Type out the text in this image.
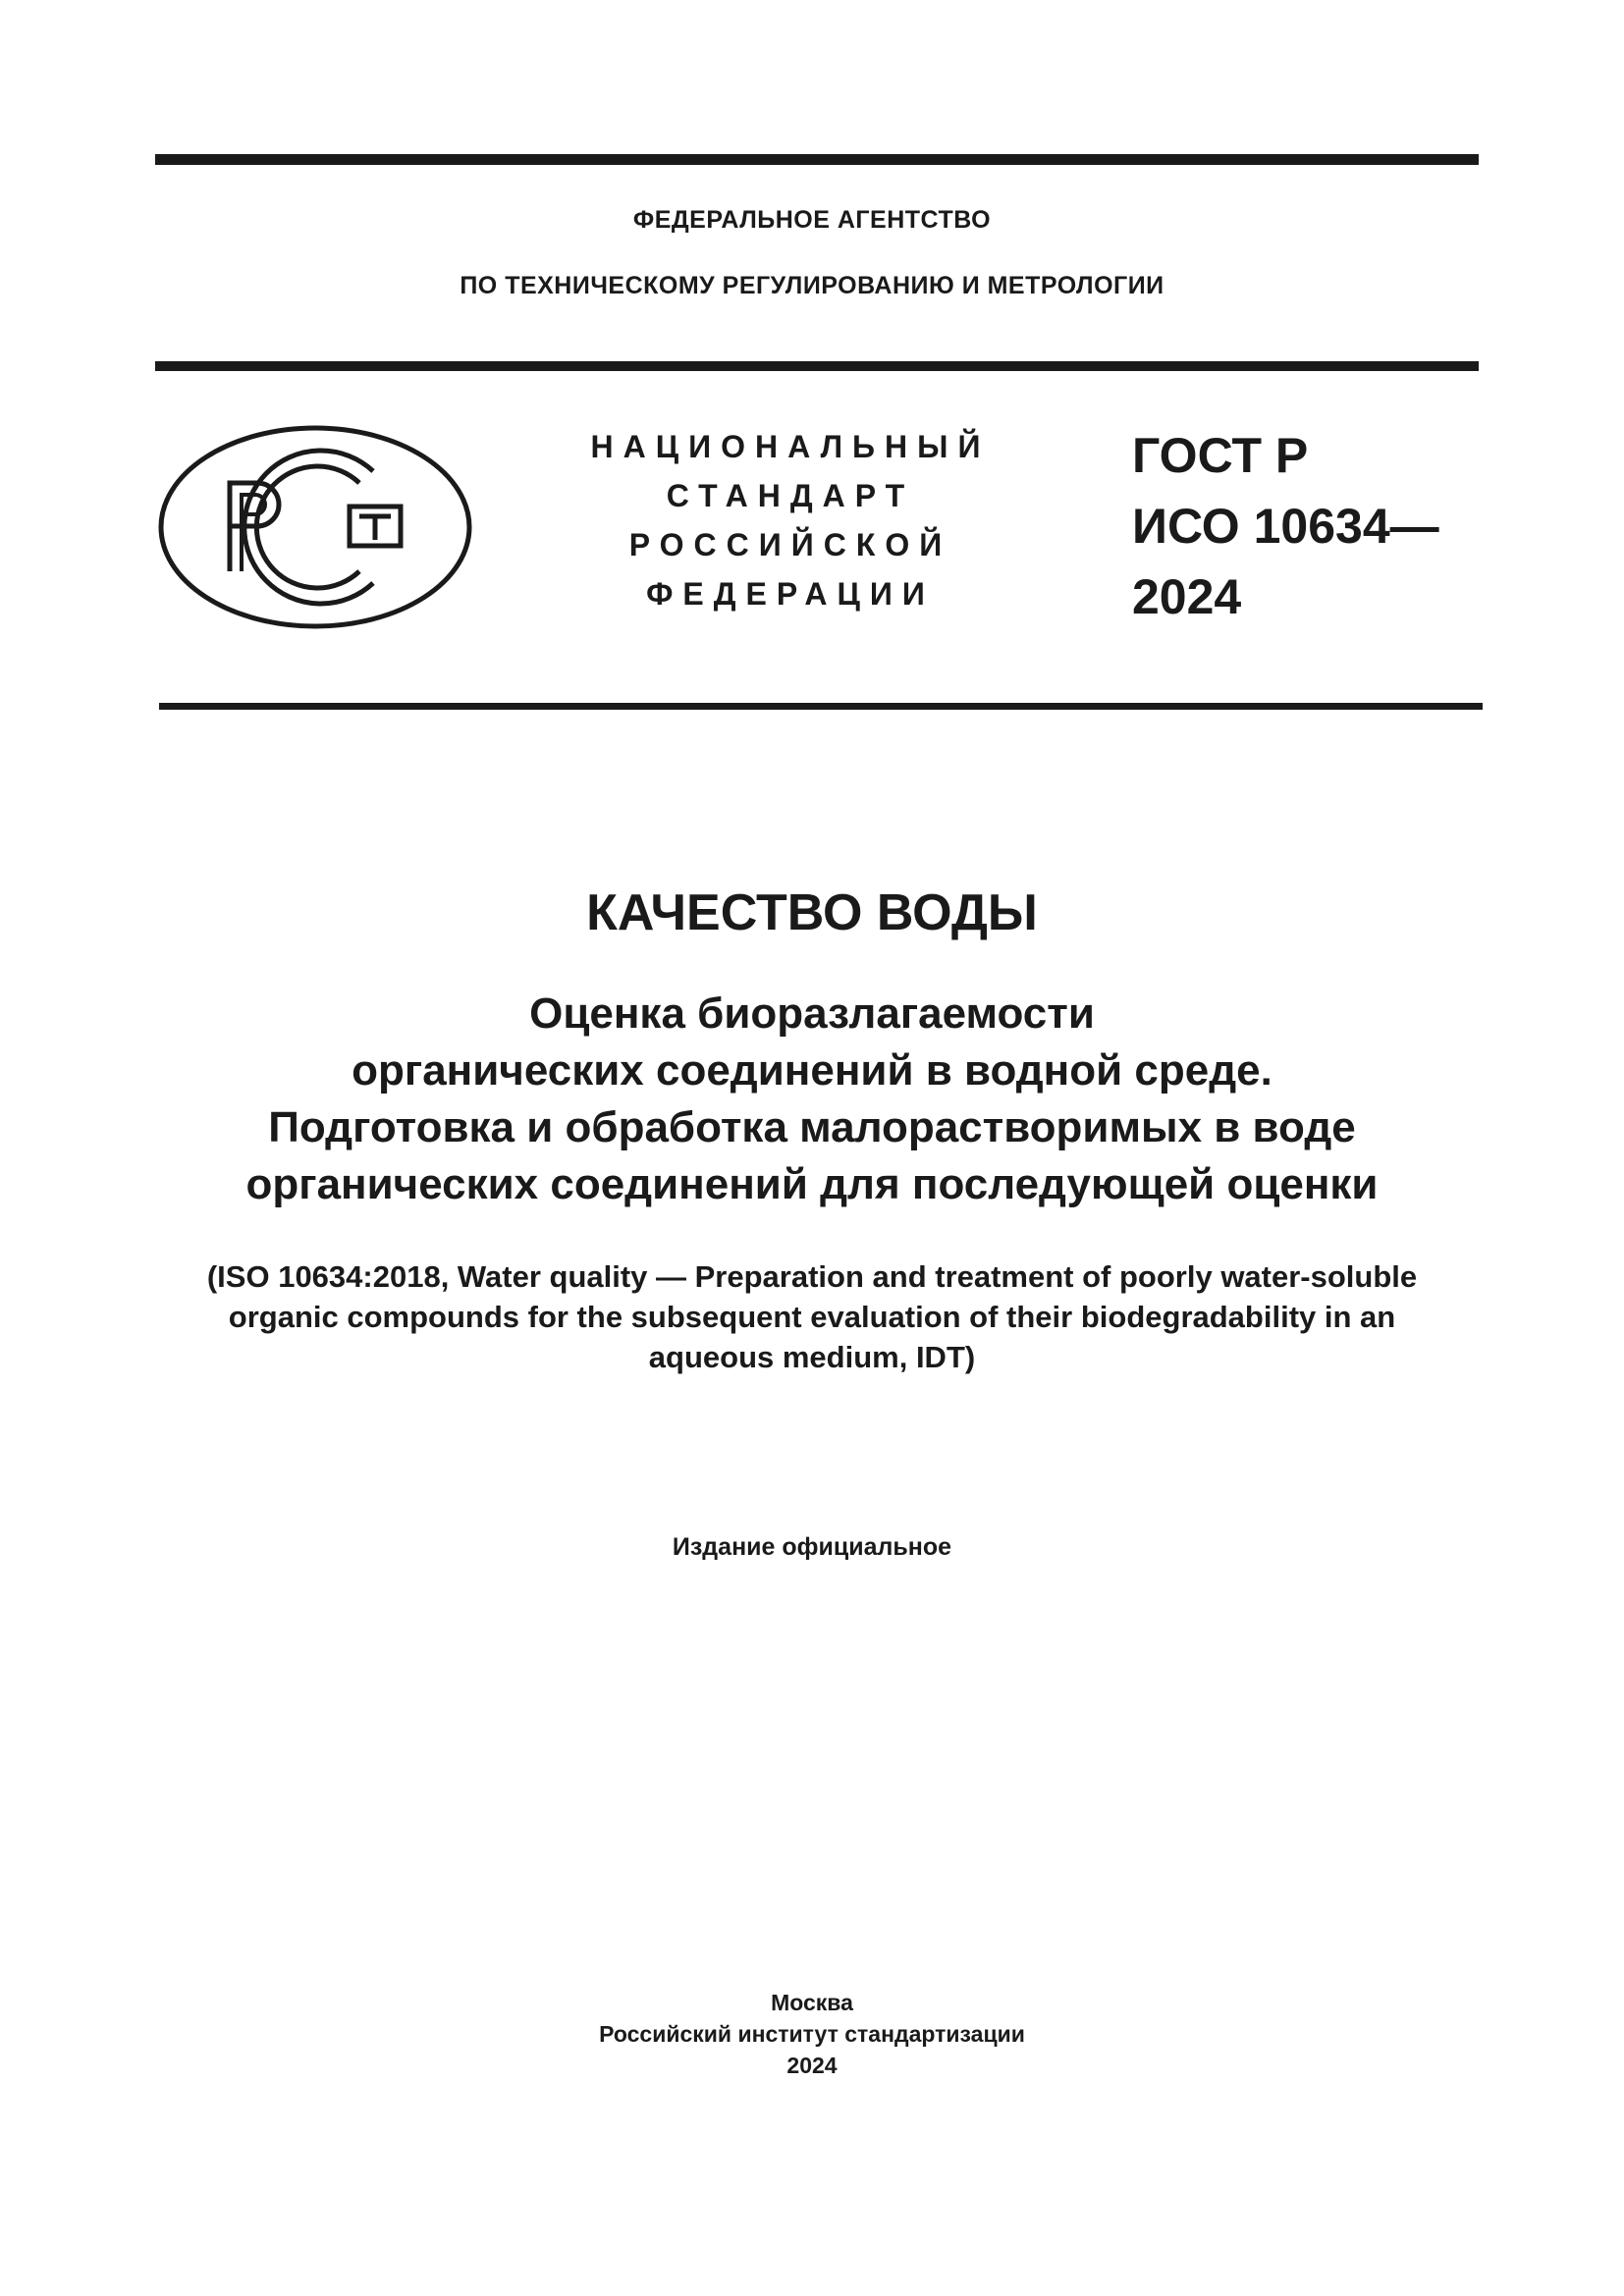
ФЕДЕРАЛЬНОЕ АГЕНТСТВО
ПО ТЕХНИЧЕСКОМУ РЕГУЛИРОВАНИЮ И МЕТРОЛОГИИ
НАЦИОНАЛЬНЫЙ
СТАНДАРТ
РОССИЙСКОЙ
ФЕДЕРАЦИИ
ГОСТ Р
ИСО 10634—
2024
КАЧЕСТВО ВОДЫ
Оценка биоразлагаемости
органических соединений в водной среде.
Подготовка и обработка малорастворимых в воде
органических соединений для последующей оценки
(ISO 10634:2018, Water quality — Preparation and treatment of poorly water-soluble
organic compounds for the subsequent evaluation of their biodegradability in an
aqueous medium, IDT)
Издание официальное
Москва
Российский институт стандартизации
2024
